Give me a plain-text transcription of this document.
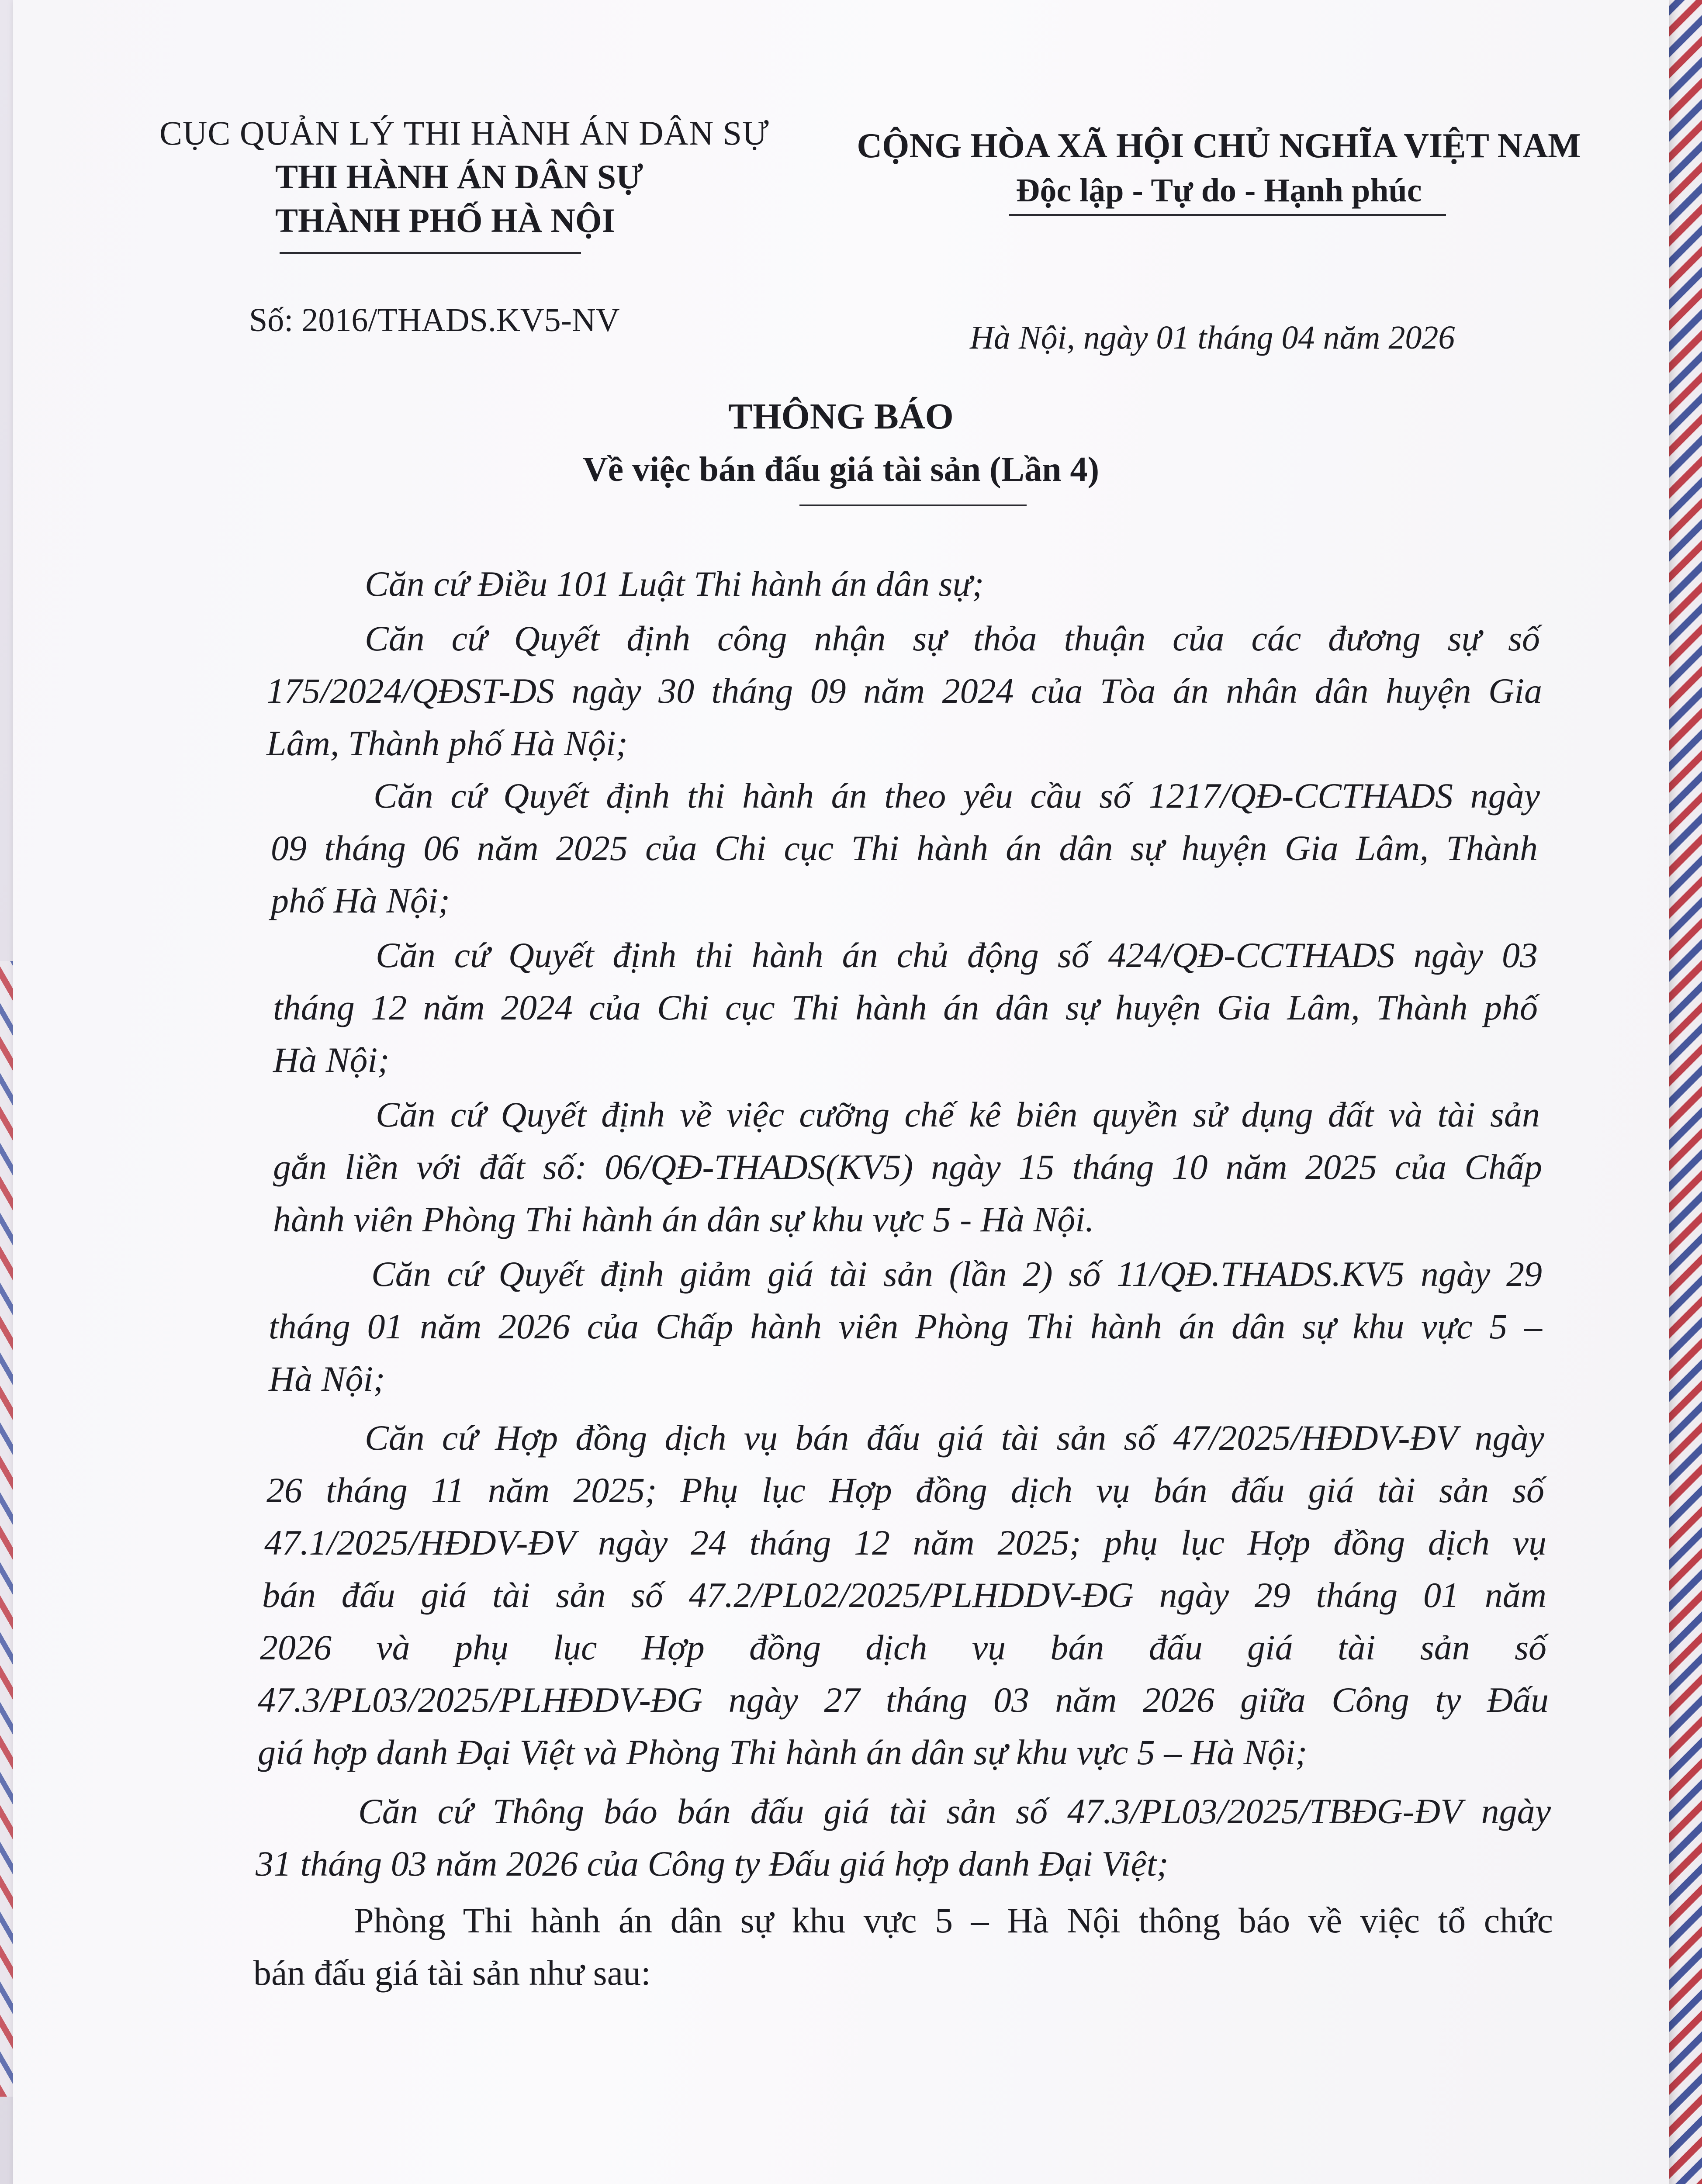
CỤC QUẢN LÝ THI HÀNH ÁN DÂN SỰ

THI HÀNH ÁN DÂN SỰ

THÀNH PHỐ HÀ NỘI

CỘNG HÒA XÃ HỘI CHỦ NGHĨA VIỆT NAM

Độc lập - Tự do - Hạnh phúc

Số: 2016/THADS.KV5-NV	Hà Nội, ngày 01 tháng 04 năm 2026
THÔNG BÁO
Về việc bán đấu giá tài sản (Lần 4)
Căn cứ Điều 101 Luật Thi hành án dân sự;
Căn cứ Quyết định công nhận sự thỏa thuận của các đương sự số
175/2024/QĐST-DS ngày 30 tháng 09 năm 2024 của Tòa án nhân dân huyện Gia
Lâm, Thành phố Hà Nội;
Căn cứ Quyết định thi hành án theo yêu cầu số 1217/QĐ-CCTHADS ngày
09 tháng 06 năm 2025 của Chi cục Thi hành án dân sự huyện Gia Lâm, Thành
phố Hà Nội;
Căn cứ Quyết định thi hành án chủ động số 424/QĐ-CCTHADS ngày 03
tháng 12 năm 2024 của Chi cục Thi hành án dân sự huyện Gia Lâm, Thành phố
Hà Nội;
Căn cứ Quyết định về việc cưỡng chế kê biên quyền sử dụng đất và tài sản
gắn liền với đất số: 06/QĐ-THADS(KV5) ngày 15 tháng 10 năm 2025 của Chấp
hành viên Phòng Thi hành án dân sự khu vực 5 - Hà Nội.
Căn cứ Quyết định giảm giá tài sản (lần 2) số 11/QĐ.THADS.KV5 ngày 29
tháng 01 năm 2026 của Chấp hành viên Phòng Thi hành án dân sự khu vực 5 –
Hà Nội;
Căn cứ Hợp đồng dịch vụ bán đấu giá tài sản số 47/2025/HĐDV-ĐV ngày
26 tháng 11 năm 2025; Phụ lục Hợp đồng dịch vụ bán đấu giá tài sản số
47.1/2025/HĐDV-ĐV ngày 24 tháng 12 năm 2025; phụ lục Hợp đồng dịch vụ
bán đấu giá tài sản số 47.2/PL02/2025/PLHDDV-ĐG ngày 29 tháng 01 năm
2026 và phụ lục Hợp đồng dịch vụ bán đấu giá tài sản số
47.3/PL03/2025/PLHĐDV-ĐG ngày 27 tháng 03 năm 2026 giữa Công ty Đấu
giá hợp danh Đại Việt và Phòng Thi hành án dân sự khu vực 5 – Hà Nội;
Căn cứ Thông báo bán đấu giá tài sản số 47.3/PL03/2025/TBĐG-ĐV ngày
31 tháng 03 năm 2026 của Công ty Đấu giá hợp danh Đại Việt;
Phòng Thi hành án dân sự khu vực 5 – Hà Nội thông báo về việc tổ chức
bán đấu giá tài sản như sau:
